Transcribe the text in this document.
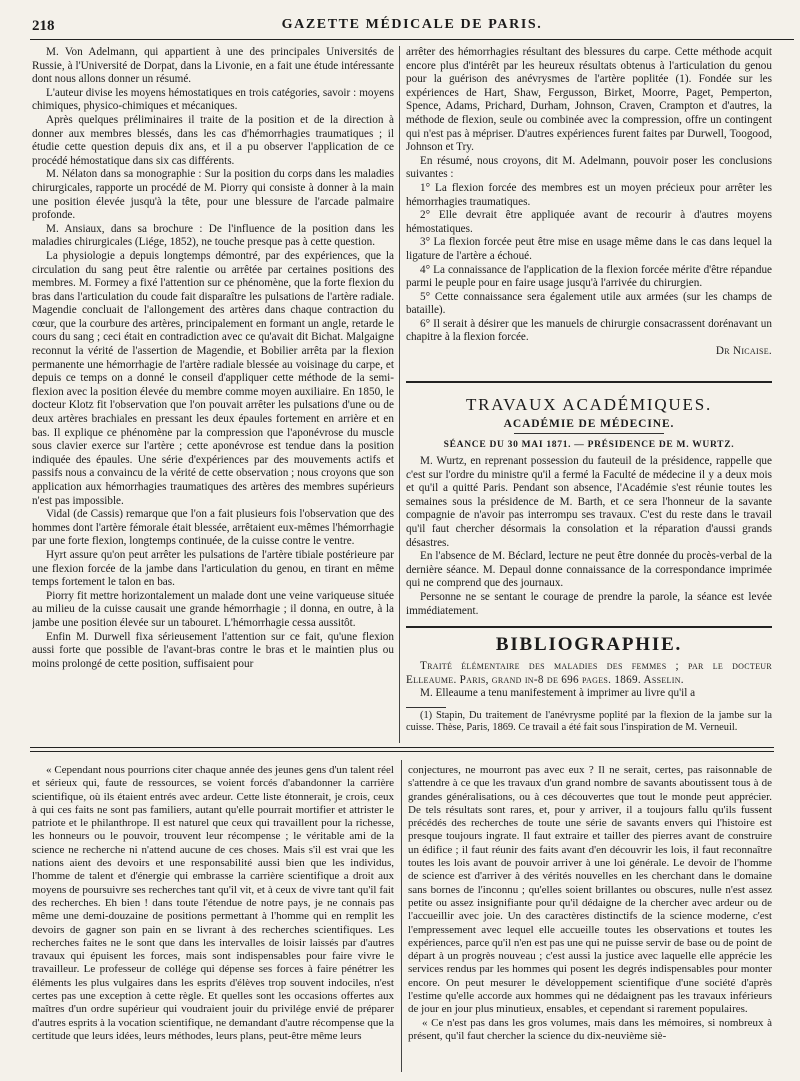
218	GAZETTE MÉDICALE DE PARIS.

M. Von Adelmann, qui appartient à une des principales Universités de Russie, à l'Université de Dorpat, dans la Livonie, en a fait une étude intéressante dont nous allons donner un résumé.

L'auteur divise les moyens hémostatiques en trois catégories, savoir : moyens chimiques, physico-chimiques et mécaniques.

Après quelques préliminaires il traite de la position et de la direction à donner aux membres blessés, dans les cas d'hémorrhagies traumatiques ; il étudie cette question depuis dix ans, et il a pu observer l'application de ce procédé hémostatique dans six cas différents.

M. Nélaton dans sa monographie : Sur la position du corps dans les maladies chirurgicales, rapporte un procédé de M. Piorry qui consiste à donner à la main une position élevée jusqu'à la tête, pour une blessure de l'arcade palmaire profonde.

M. Ansiaux, dans sa brochure : De l'influence de la position dans les maladies chirurgicales (Liége, 1852), ne touche presque pas à cette question.

La physiologie a depuis longtemps démontré, par des expériences, que la circulation du sang peut être ralentie ou arrêtée par certaines positions des membres. M. Formey a fixé l'attention sur ce phénomène, que la forte flexion du bras dans l'articulation du coude fait disparaître les pulsations de l'artère radiale. Magendie concluait de l'allongement des artères dans chaque contraction du cœur, que la courbure des artères, principalement en formant un angle, retarde le cours du sang ; ceci était en contradiction avec ce qu'avait dit Bichat. Malgaigne reconnut la vérité de l'assertion de Magendie, et Bobilier arrêta par la flexion permanente une hémorrhagie de l'artère radiale blessée au voisinage du carpe, et depuis ce temps on a donné le conseil d'appliquer cette méthode de la semi-flexion avec la position élevée du membre comme moyen auxiliaire. En 1850, le docteur Klotz fit l'observation que l'on pouvait arrêter les pulsations d'une ou de deux artères brachiales en pressant les deux épaules fortement en arrière et en bas. Il explique ce phénomène par la compression que l'aponévrose du muscle sous clavier exerce sur l'artère ; cette aponévrose est tendue dans la position indiquée des épaules. Une série d'expériences par des mouvements actifs et passifs nous a convaincu de la vérité de cette observation ; nous croyons que son application aux hémorrhagies traumatiques des artères des membres supérieurs n'est pas impossible.

Vidal (de Cassis) remarque que l'on a fait plusieurs fois l'observation que des hommes dont l'artère fémorale était blessée, arrêtaient eux-mêmes l'hémorrhagie par une forte flexion, longtemps continuée, de la cuisse contre le ventre.

Hyrt assure qu'on peut arrêter les pulsations de l'artère tibiale postérieure par une flexion forcée de la jambe dans l'articulation du genou, en tirant en même temps fortement le talon en bas.

Piorry fit mettre horizontalement un malade dont une veine variqueuse située au milieu de la cuisse causait une grande hémorrhagie ; il donna, en outre, à la jambe une position élevée sur un tabouret. L'hémorrhagie cessa aussitôt.

Enfin M. Durwell fixa sérieusement l'attention sur ce fait, qu'une flexion aussi forte que possible de l'avant-bras contre le bras et le maintien plus ou moins prolongé de cette position, suffisaient pour

arrêter des hémorrhagies résultant des blessures du carpe. Cette méthode acquit encore plus d'intérêt par les heureux résultats obtenus à l'articulation du genou pour la guérison des anévrysmes de l'artère poplitée (1). Fondée sur les expériences de Hart, Shaw, Fergusson, Birket, Moorre, Paget, Pemperton, Spence, Adams, Prichard, Durham, Johnson, Craven, Crampton et d'autres, la méthode de flexion, seule ou combinée avec la compression, offre un contingent qui n'est pas à mépriser. D'autres expériences furent faites par Durwell, Toogood, Johnson et Try.

En résumé, nous croyons, dit M. Adelmann, pouvoir poser les conclusions suivantes :

1° La flexion forcée des membres est un moyen précieux pour arrêter les hémorrhagies traumatiques.

2° Elle devrait être appliquée avant de recourir à d'autres moyens hémostatiques.

3° La flexion forcée peut être mise en usage même dans le cas dans lequel la ligature de l'artère a échoué.

4° La connaissance de l'application de la flexion forcée mérite d'être répandue parmi le peuple pour en faire usage jusqu'à l'arrivée du chirurgien.

5° Cette connaissance sera également utile aux armées (sur les champs de bataille).

6° Il serait à désirer que les manuels de chirurgie consacrassent dorénavant un chapitre à la flexion forcée.

Dr Nicaise.
TRAVAUX ACADÉMIQUES.
ACADÉMIE DE MÉDECINE.
SÉANCE DU 30 MAI 1871. — PRÉSIDENCE DE M. WURTZ.

M. Wurtz, en reprenant possession du fauteuil de la présidence, rappelle que c'est sur l'ordre du ministre qu'il a fermé la Faculté de médecine il y a deux mois et qu'il a quitté Paris. Pendant son absence, l'Académie s'est réunie toutes les semaines sous la présidence de M. Barth, et ce sera l'honneur de la savante compagnie de n'avoir pas interrompu ses travaux. C'est du reste dans le travail qu'il faut chercher désormais la consolation et la réparation d'aussi grands désastres.

En l'absence de M. Béclard, lecture ne peut être donnée du procès-verbal de la dernière séance. M. Depaul donne connaissance de la correspondance imprimée qui ne comprend que des journaux.

Personne ne se sentant le courage de prendre la parole, la séance est levée immédiatement.

BIBLIOGRAPHIE.

Traité élémentaire des maladies des femmes ; par le docteur Elleaume. Paris, grand in-8 de 696 pages. 1869. Asselin.

M. Elleaume a tenu manifestement à imprimer au livre qu'il a

(1) Stapin, Du traitement de l'anévrysme poplité par la flexion de la jambe sur la cuisse. Thèse, Paris, 1869. Ce travail a été fait sous l'inspiration de M. Verneuil.

« Cependant nous pourrions citer chaque année des jeunes gens d'un talent réel et sérieux qui, faute de ressources, se voient forcés d'abandonner la carrière scientifique, où ils étaient entrés avec ardeur. Cette liste étonnerait, je crois, ceux à qui ces faits ne sont pas familiers, autant qu'elle pourrait mortifier et attrister le patriote et le philanthrope. Il est naturel que ceux qui travaillent pour la richesse, les honneurs ou le pouvoir, trouvent leur récompense ; le véritable ami de la science ne recherche ni n'attend aucune de ces choses. Mais s'il est vrai que les nations aient des devoirs et une responsabilité aussi bien que les individus, l'homme de talent et d'énergie qui embrasse la carrière scientifique a droit aux moyens de poursuivre ses recherches tant qu'il vit, et à ceux de vivre tant qu'il fait des recherches. Eh bien ! dans toute l'étendue de notre pays, je ne connais pas même une demi-douzaine de positions permettant à l'homme qui en remplit les devoirs de gagner son pain en se livrant à des recherches scientifiques. Les recherches faites ne le sont que dans les intervalles de loisir laissés par d'autres travaux qui épuisent les forces, mais sont indispensables pour faire vivre le travailleur. Le professeur de collége qui dépense ses forces à faire pénétrer les éléments les plus vulgaires dans les esprits d'élèves trop souvent indociles, n'est certes pas une exception à cette règle. Et quelles sont les occasions offertes aux maîtres d'un ordre supérieur qui voudraient jouir du privilége envié de préparer d'autres esprits à la vocation scientifique, ne demandant d'autre récompense que la certitude que leurs idées, leurs méthodes, leurs plans, peut-être même leurs

conjectures, ne mourront pas avec eux ? Il ne serait, certes, pas raisonnable de s'attendre à ce que les travaux d'un grand nombre de savants aboutissent tous à de grandes généralisations, ou à ces découvertes que tout le monde peut apprécier. De tels résultats sont rares, et, pour y arriver, il a toujours fallu qu'ils fussent précédés des recherches de toute une série de savants envers qui l'histoire est presque toujours ingrate. Il faut extraire et tailler des pierres avant de construire un édifice ; il faut réunir des faits avant d'en découvrir les lois, il faut reconnaître toutes les lois avant de pouvoir arriver à une loi générale. Le devoir de l'homme de science est d'arriver à des vérités nouvelles en les cherchant dans le domaine sans bornes de l'inconnu ; qu'elles soient brillantes ou obscures, nulle n'est assez petite ou assez insignifiante pour qu'il dédaigne de la chercher avec ardeur ou de l'accueillir avec joie. Un des caractères distinctifs de la science moderne, c'est l'empressement avec lequel elle accueille toutes les observations et toutes les expériences, parce qu'il n'en est pas une qui ne puisse servir de base ou de point de départ à un progrès nouveau ; c'est aussi la justice avec laquelle elle apprécie les services rendus par les hommes qui posent les degrés indispensables pour monter encore. On peut mesurer le développement scientifique d'une société d'après l'estime qu'elle accorde aux hommes qui ne dédaignent pas les travaux inférieurs de jour en jour plus minutieux, ensables, et cependant si rarement populaires.

« Ce n'est pas dans les gros volumes, mais dans les mémoires, si nombreux à présent, qu'il faut chercher la science du dix-neuvième siè-
